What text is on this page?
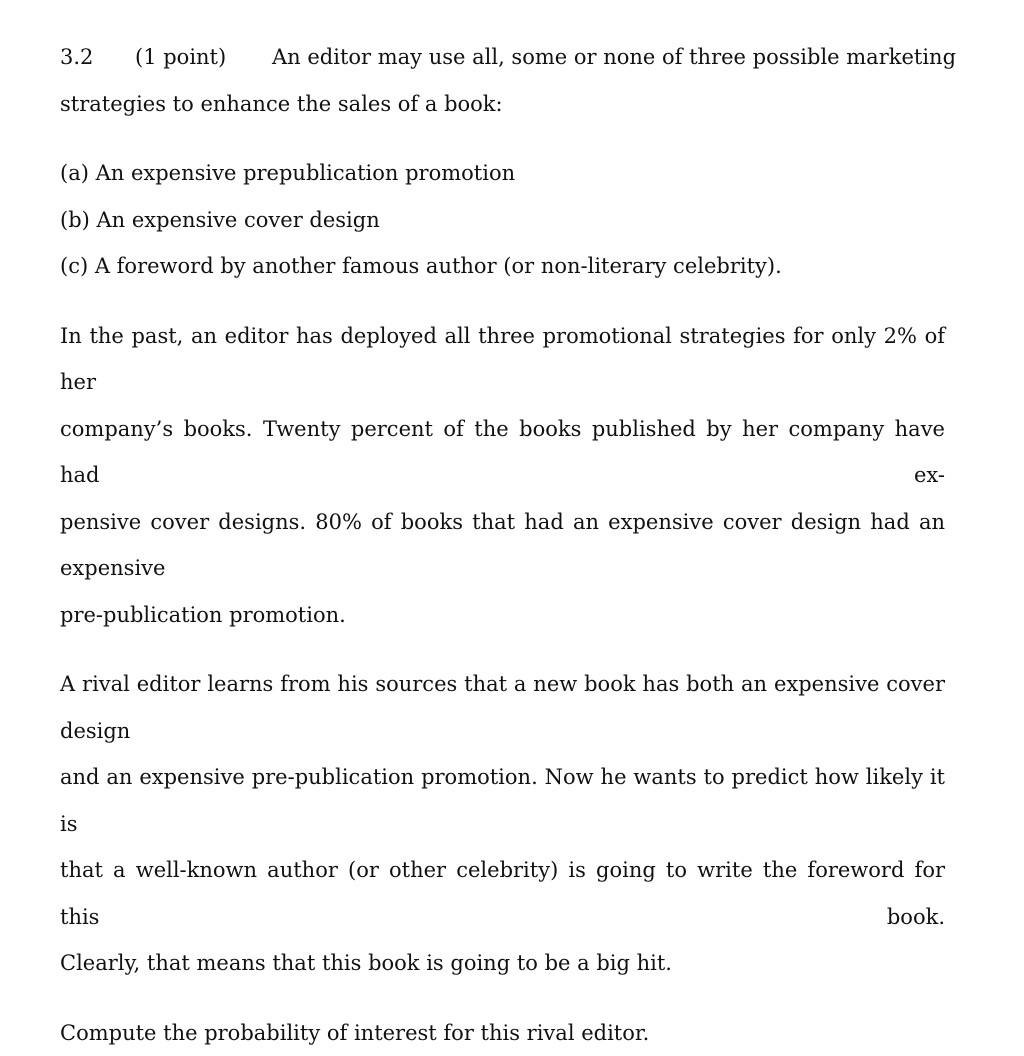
3.2 (1 point) An editor may use all, some or none of three possible marketing
strategies to enhance the sales of a book:
(a) An expensive prepublication promotion
(b) An expensive cover design
(c) A foreword by another famous author (or non-literary celebrity).
In the past, an editor has deployed all three promotional strategies for only 2% of her
company’s books. Twenty percent of the books published by her company have had ex-
pensive cover designs. 80% of books that had an expensive cover design had an expensive
pre-publication promotion.
A rival editor learns from his sources that a new book has both an expensive cover design
and an expensive pre-publication promotion. Now he wants to predict how likely it is
that a well-known author (or other celebrity) is going to write the foreword for this book.
Clearly, that means that this book is going to be a big hit.
Compute the probability of interest for this rival editor.
